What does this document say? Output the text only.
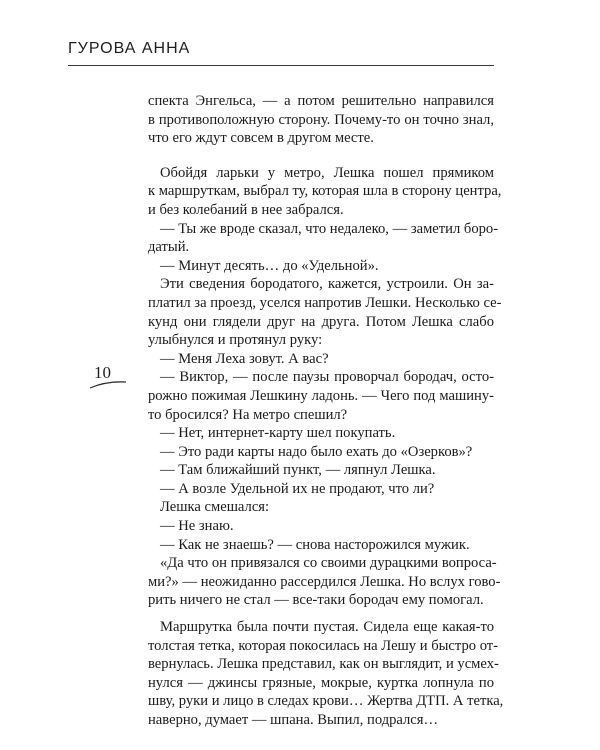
ГУРОВА АННА
10
спекта Энгельса, — а потом решительно направился
в противоположную сторону. Почему-то он точно знал,
что его ждут совсем в другом месте.
Обойдя ларьки у метро, Лешка пошел прямиком
к маршруткам, выбрал ту, которая шла в сторону центра,
и без колебаний в нее забрался.
— Ты же вроде сказал, что недалеко, — заметил боро-
датый.
— Минут десять… до «Удельной».
Эти сведения бородатого, кажется, устроили. Он за-
платил за проезд, уселся напротив Лешки. Несколько се-
кунд они глядели друг на друга. Потом Лешка слабо
улыбнулся и протянул руку:
— Меня Леха зовут. А вас?
— Виктор, — после паузы проворчал бородач, осто-
рожно пожимая Лешкину ладонь. — Чего под машину-
то бросился? На метро спешил?
— Нет, интернет-карту шел покупать.
— Это ради карты надо было ехать до «Озерков»?
— Там ближайший пункт, — ляпнул Лешка.
— А возле Удельной их не продают, что ли?
Лешка смешался:
— Не знаю.
— Как не знаешь? — снова насторожился мужик.
«Да что он привязался со своими дурацкими вопроса-
ми?» — неожиданно рассердился Лешка. Но вслух гово-
рить ничего не стал — все-таки бородач ему помогал.
Маршрутка была почти пустая. Сидела еще какая-то
толстая тетка, которая покосилась на Лешу и быстро от-
вернулась. Лешка представил, как он выглядит, и усмех-
нулся — джинсы грязные, мокрые, куртка лопнула по
шву, руки и лицо в следах крови… Жертва ДТП. А тетка,
наверно, думает — шпана. Выпил, подрался…
